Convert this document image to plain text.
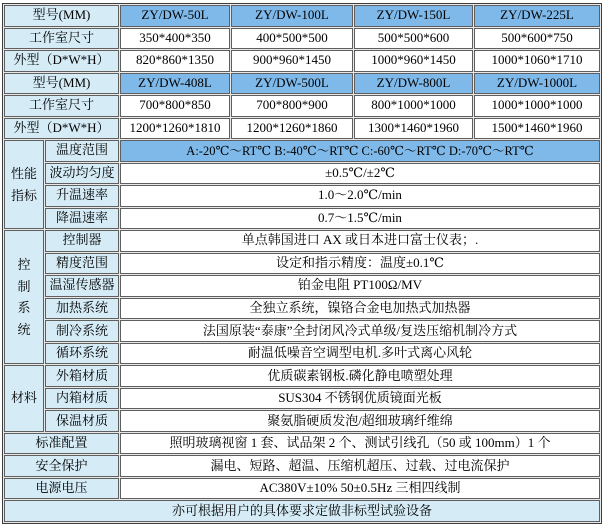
型号(MM)		ZY/DW-50L	ZY/DW-100L	ZY/DW-150L	ZY/DW-225L
工作室尺寸		350*400*350	400*500*500	500*500*600	500*600*750
外型（D*W*H）		820*860*1350	900*960*1450	1000*960*1450	1000*1060*1710
型号(MM)		ZY/DW-408L	ZY/DW-500L	ZY/DW-800L	ZY/DW-1000L
工作室尺寸		700*800*850	700*800*900	800*1000*1000	1000*1000*1000
外型（D*W*H）		1200*1260*1810	1200*1260*1860	1300*1460*1960	1500*1460*1960
性能指标	温度范围	A:-20℃～RT℃ B:-40℃～RT℃ C:-60℃～RT℃ D:-70℃～RT℃			
	波动均匀度	±0.5℃/±2℃			
	升温速率	1.0～2.0℃/min			
	降温速率	0.7～1.5℃/min			
控制系统	控制器	单点韩国进口 AX 或日本进口富士仪表；.			
	精度范围	设定和指示精度：温度±0.1℃			
	温湿传感器	铂金电阻 PT100Ω/MV			
	加热系统	全独立系统，镍铬合金电加热式加热器			
	制冷系统	法国原装“泰康”全封闭风冷式单级/复迭压缩机制冷方式			
	循环系统	耐温低噪音空调型电机.多叶式离心风轮			
材料	外箱材质	优质碳素钢板.磷化静电喷塑处理			
	内箱材质	SUS304 不锈钢优质镜面光板			
	保温材质	聚氨脂硬质发泡/超细玻璃纤维绵			
标准配置		照明玻璃视窗 1 套、试品架 2 个、测试引线孔（50 或 100mm）1 个			
安全保护		漏电、短路、超温、压缩机超压、过载、过电流保护			
电源电压		AC380V±10% 50±0.5Hz 三相四线制			
亦可根据用户的具体要求定做非标型试验设备					
